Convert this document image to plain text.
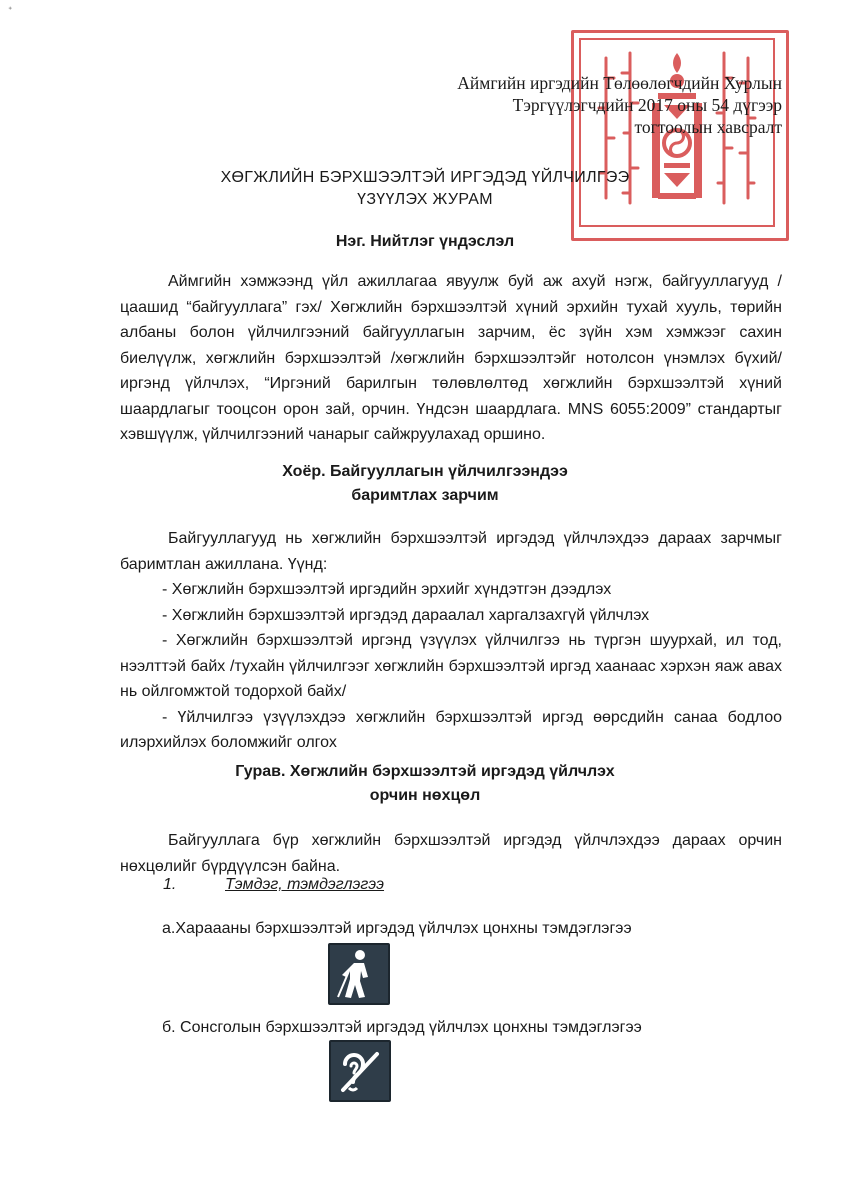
ᐩ
Аймгийн иргэдийн Төлөөлөгчдийн Хурлын
Тэргүүлэгчдийн 2017 оны 54 дүгээр
тогтоолын хавсралт
ХӨГЖЛИЙН БЭРХШЭЭЛТЭЙ ИРГЭДЭД ҮЙЛЧИЛГЭЭ
ҮЗҮҮЛЭХ ЖУРАМ
Нэг. Нийтлэг үндэслэл
Аймгийн хэмжээнд үйл ажиллагаа явуулж буй аж ахуй нэгж, байгууллагууд /цаашид “байгууллага” гэх/ Хөгжлийн бэрхшээлтэй хүний эрхийн тухай хууль, төрийн албаны болон үйлчилгээний байгууллагын зарчим, ёс зүйн хэм хэмжээг сахин биелүүлж, хөгжлийн бэрхшээлтэй /хөгжлийн бэрхшээлтэйг нотолсон үнэмлэх бүхий/ иргэнд үйлчлэх, “Иргэний барилгын төлөвлөлтөд хөгжлийн бэрхшээлтэй хүний шаардлагыг тооцсон орон зай, орчин. Үндсэн шаардлага. MNS 6055:2009” стандартыг хэвшүүлж, үйлчилгээний чанарыг сайжруулахад оршино.
Хоёр. Байгууллагын үйлчилгээндээ
баримтлах зарчим

Байгууллагууд нь хөгжлийн бэрхшээлтэй иргэдэд үйлчлэхдээ дараах зарчмыг баримтлан ажиллана. Үүнд:

- Хөгжлийн бэрхшээлтэй иргэдийн эрхийг хүндэтгэн дээдлэх

- Хөгжлийн бэрхшээлтэй иргэдэд дараалал харгалзахгүй үйлчлэх

- Хөгжлийн бэрхшээлтэй иргэнд үзүүлэх үйлчилгээ нь түргэн шуурхай, ил тод, нээлттэй байх /тухайн үйлчилгээг хөгжлийн бэрхшээлтэй иргэд хаанаас хэрхэн яаж авах нь ойлгомжтой тодорхой байх/

- Үйлчилгээ үзүүлэхдээ хөгжлийн бэрхшээлтэй иргэд өөрсдийн санаа бодлоо илэрхийлэх боломжийг олгох

Гурав. Хөгжлийн бэрхшээлтэй иргэдэд үйлчлэх
орчин нөхцөл
Байгууллага бүр хөгжлийн бэрхшээлтэй иргэдэд үйлчлэхдээ дараах орчин нөхцөлийг бүрдүүлсэн байна.
1.	Тэмдэг, тэмдэглэгээ
а.Хараааны бэрхшээлтэй иргэдэд үйлчлэх цонхны тэмдэглэгээ
б. Сонсголын бэрхшээлтэй иргэдэд үйлчлэх цонхны тэмдэглэгээ
